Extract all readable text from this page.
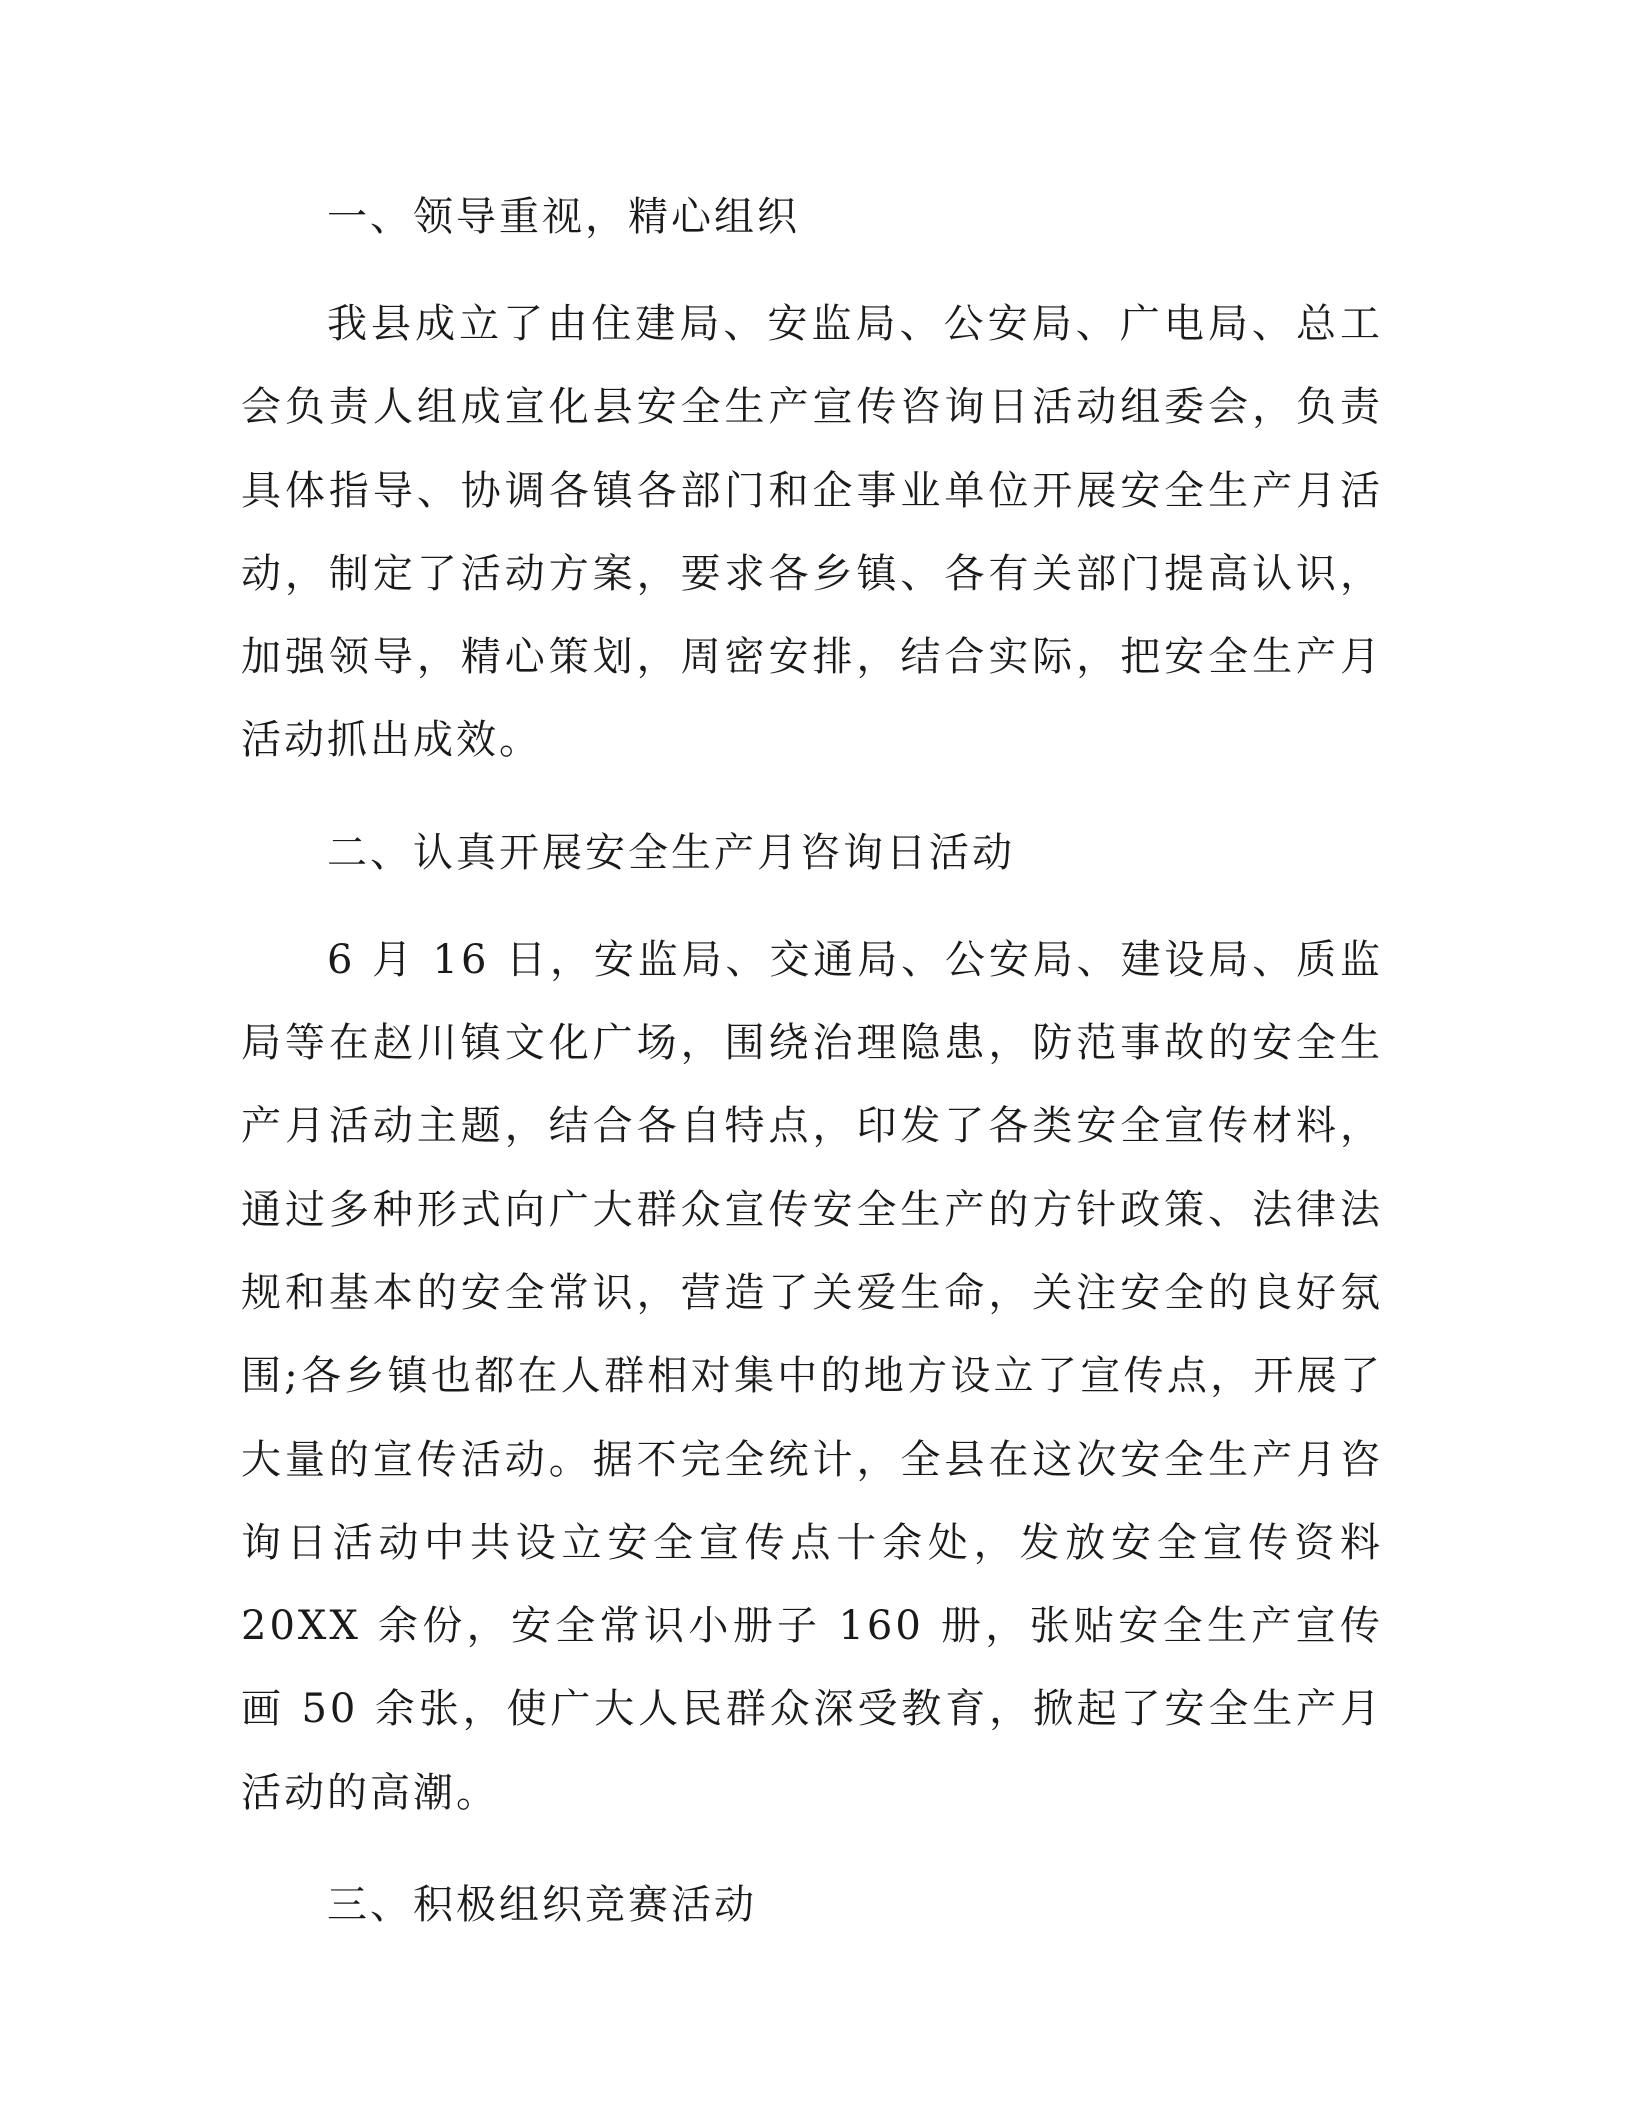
一、领导重视，精心组织

我县成立了由住建局、安监局、公安局、广电局、总工会负责人组成宣化县安全生产宣传咨询日活动组委会，负责具体指导、协调各镇各部门和企事业单位开展安全生产月活动，制定了活动方案，要求各乡镇、各有关部门提高认识，加强领导，精心策划，周密安排，结合实际，把安全生产月活动抓出成效。

二、认真开展安全生产月咨询日活动

6 月 16 日，安监局、交通局、公安局、建设局、质监局等在赵川镇文化广场，围绕治理隐患，防范事故的安全生产月活动主题，结合各自特点，印发了各类安全宣传材料，通过多种形式向广大群众宣传安全生产的方针政策、法律法规和基本的安全常识，营造了关爱生命，关注安全的良好氛围;各乡镇也都在人群相对集中的地方设立了宣传点，开展了大量的宣传活动。据不完全统计，全县在这次安全生产月咨询日活动中共设立安全宣传点十余处，发放安全宣传资料 20XX 余份，安全常识小册子 160 册，张贴安全生产宣传画 50 余张，使广大人民群众深受教育，掀起了安全生产月活动的高潮。

三、积极组织竞赛活动
